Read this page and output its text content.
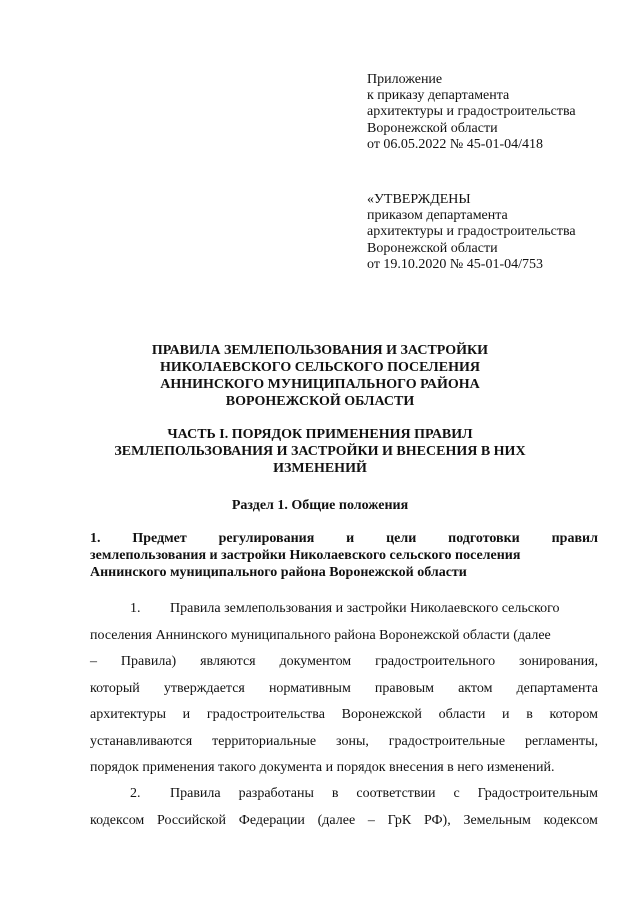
Приложение
к приказу департамента
архитектуры и градостроительства
Воронежской области
от 06.05.2022 № 45-01-04/418
«УТВЕРЖДЕНЫ
приказом департамента
архитектуры и градостроительства
Воронежской области
от 19.10.2020 № 45-01-04/753
ПРАВИЛА ЗЕМЛЕПОЛЬЗОВАНИЯ И ЗАСТРОЙКИ
НИКОЛАЕВСКОГО СЕЛЬСКОГО ПОСЕЛЕНИЯ
АННИНСКОГО МУНИЦИПАЛЬНОГО РАЙОНА
ВОРОНЕЖСКОЙ ОБЛАСТИ
ЧАСТЬ I. ПОРЯДОК ПРИМЕНЕНИЯ ПРАВИЛ
ЗЕМЛЕПОЛЬЗОВАНИЯ И ЗАСТРОЙКИ И ВНЕСЕНИЯ В НИХ
ИЗМЕНЕНИЙ
Раздел 1. Общие положения
1. Предмет регулирования и цели подготовки правил
землепользования и застройки Николаевского сельского поселения
Аннинского муниципального района Воронежской области
1. Правила землепользования и застройки Николаевского сельского
поселения Аннинского муниципального района Воронежской области (далее
– Правила) являются документом градостроительного зонирования,
который утверждается нормативным правовым актом департамента
архитектуры и градостроительства Воронежской области и в котором
устанавливаются территориальные зоны, градостроительные регламенты,
порядок применения такого документа и порядок внесения в него изменений.
2.	Правила разработаны в соответствии с Градостроительным
кодексом Российской Федерации (далее – ГрК РФ), Земельным кодексом
